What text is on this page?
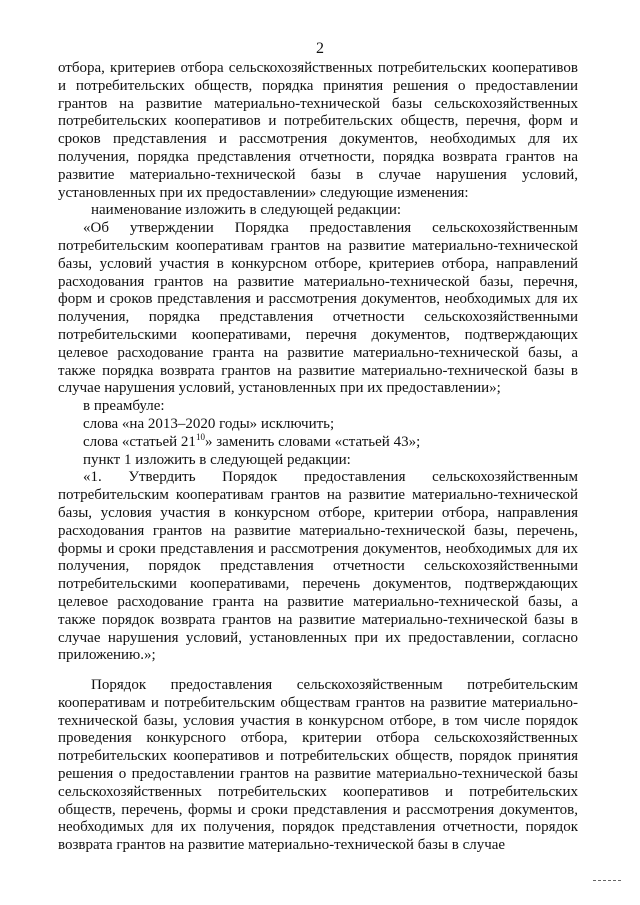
2

отбора, критериев отбора сельскохозяйственных потребительских кооперативов и потребительских обществ, порядка принятия решения о предоставлении грантов на развитие материально-технической базы сельскохозяйственных потребительских кооперативов и потребительских обществ, перечня, форм и сроков представления и рассмотрения документов, необходимых для их получения, порядка представления отчетности, порядка возврата грантов на развитие материально-технической базы в случае нарушения условий, установленных при их предоставлении» следующие изменения:

наименование изложить в следующей редакции:

«Об утверждении Порядка предоставления сельскохозяйственным потребительским кооперативам грантов на развитие материально-технической базы, условий участия в конкурсном отборе, критериев отбора, направлений расходования грантов на развитие материально-технической базы, перечня, форм и сроков представления и рассмотрения документов, необходимых для их получения, порядка представления отчетности сельскохозяйственными потребительскими кооперативами, перечня документов, подтверждающих целевое расходование гранта на развитие материально-технической базы, а также порядка возврата грантов на развитие материально-технической базы в случае нарушения условий, установленных при их предоставлении»;

в преамбуле:

слова «на 2013–2020 годы» исключить;

слова «статьей $21^{10}$» заменить словами «статьей 43»;

пункт 1 изложить в следующей редакции:

«1. Утвердить Порядок предоставления сельскохозяйственным потребительским кооперативам грантов на развитие материально-технической базы, условия участия в конкурсном отборе, критерии отбора, направления расходования грантов на развитие материально-технической базы, перечень, формы и сроки представления и рассмотрения документов, необходимых для их получения, порядок представления отчетности сельскохозяйственными потребительскими кооперативами, перечень документов, подтверждающих целевое расходование гранта на развитие материально-технической базы, а также порядок возврата грантов на развитие материально-технической базы в случае нарушения условий, установленных при их предоставлении, согласно приложению.»;

Порядок предоставления сельскохозяйственным потребительским кооперативам и потребительским обществам грантов на развитие материально-технической базы, условия участия в конкурсном отборе, в том числе порядок проведения конкурсного отбора, критерии отбора сельскохозяйственных потребительских кооперативов и потребительских обществ, порядок принятия решения о предоставлении грантов на развитие материально-технической базы сельскохозяйственных потребительских кооперативов и потребительских обществ, перечень, формы и сроки представления и рассмотрения документов, необходимых для их получения, порядок представления отчетности, порядок возврата грантов на развитие материально-технической базы в случае
